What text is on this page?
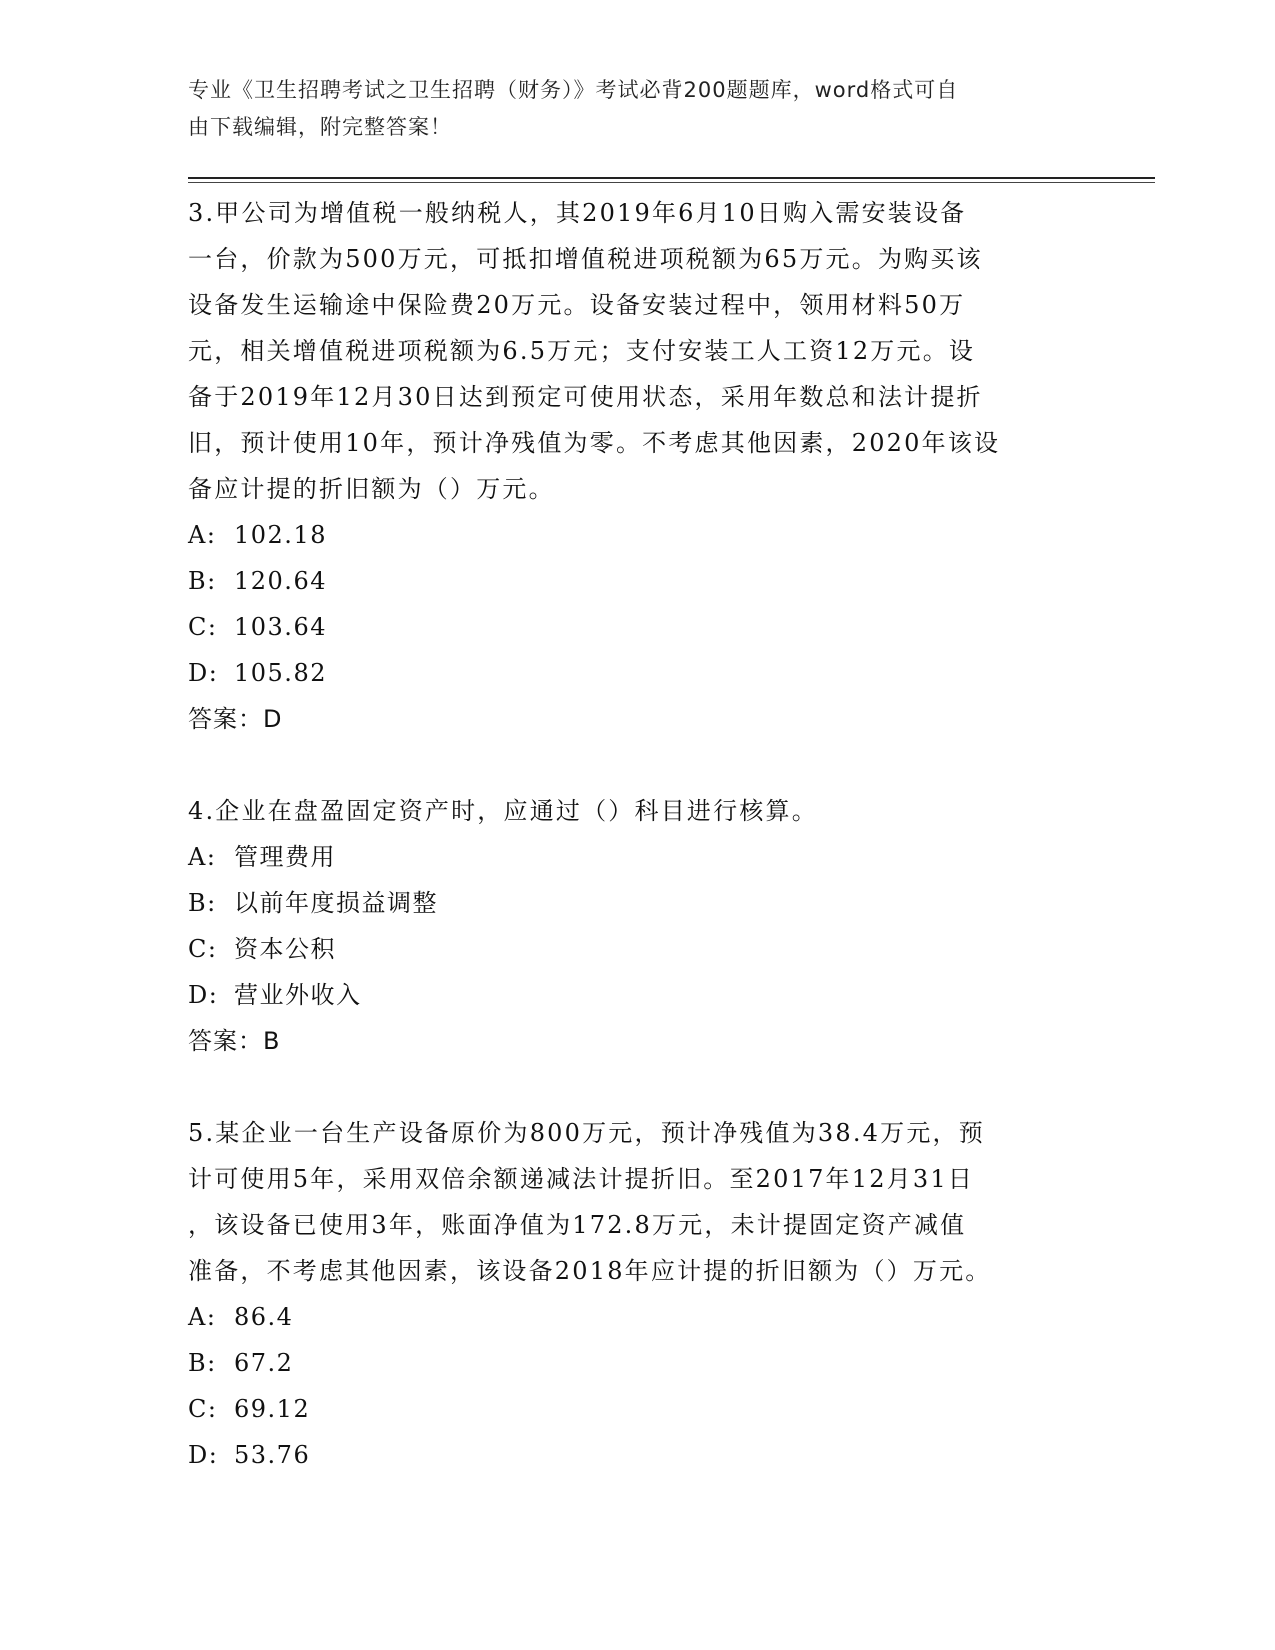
专业《卫生招聘考试之卫生招聘（财务）》考试必背200题题库，word格式可自
由下载编辑，附完整答案！
3.甲公司为增值税一般纳税人，其2019年6月10日购入需安装设备
一台，价款为500万元，可抵扣增值税进项税额为65万元。为购买该
设备发生运输途中保险费20万元。设备安装过程中，领用材料50万
元，相关增值税进项税额为6.5万元；支付安装工人工资12万元。设
备于2019年12月30日达到预定可使用状态，采用年数总和法计提折
旧，预计使用10年，预计净残值为零。不考虑其他因素，2020年该设
备应计提的折旧额为（）万元。
A: 102.18
B: 120.64
C: 103.64
D: 105.82
答案：D
4.企业在盘盈固定资产时，应通过（）科目进行核算。
A: 管理费用
B: 以前年度损益调整
C: 资本公积
D: 营业外收入
答案：B
5.某企业一台生产设备原价为800万元，预计净残值为38.4万元，预
计可使用5年，采用双倍余额递减法计提折旧。至2017年12月31日
，该设备已使用3年，账面净值为172.8万元，未计提固定资产减值
准备，不考虑其他因素，该设备2018年应计提的折旧额为（）万元。
A: 86.4
B: 67.2
C: 69.12
D: 53.76
